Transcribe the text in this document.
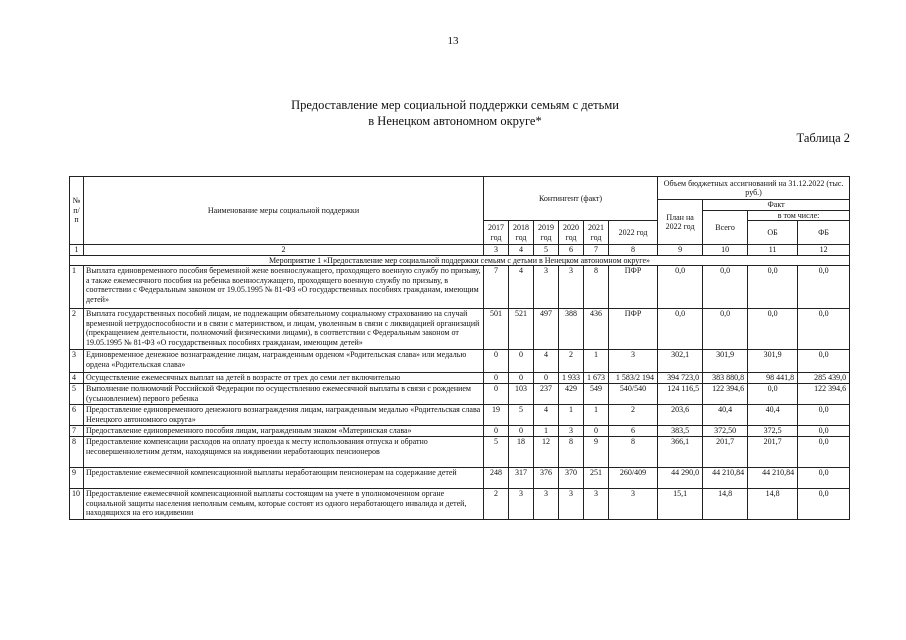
13
Предоставление мер социальной поддержки семьям с детьми
в Ненецком автономном округе*
Таблица 2
№ п/п	Наименование меры социальной поддержки	Контингент (факт)						Объем бюджетных ассигнований на 31.12.2022 (тыс. руб.)			
								План на 2022 год	Факт		
									Всего	в том числе:	
		2017 год	2018 год	2019 год	2020 год	2021 год	2022 год			ОБ	ФБ
1	2	3	4	5	6	7	8	9	10	11	12
Мероприятие 1 «Предоставление мер социальной поддержки семьям с детьми в Ненецком автономном округе»											
1	Выплата единовременного пособия беременной жене военнослужащего, проходящего военную службу по призыву, а также ежемесячного пособия на ребенка военнослужащего, проходящего военную службу по призыву, в соответствии с Федеральным законом от 19.05.1995 № 81-ФЗ «О государственных пособиях гражданам, имеющим детей»	7	4	3	3	8	ПФР	0,0	0,0	0,0	0,0
2	Выплата государственных пособий лицам, не подлежащим обязательному социальному страхованию на случай временной нетрудоспособности и в связи с материнством, и лицам, уволенным в связи с ликвидацией организаций (прекращением деятельности, полномочий физическими лицами), в соответствии с Федеральным законом от 19.05.1995 № 81-ФЗ «О государственных пособиях гражданам, имеющим детей»	501	521	497	388	436	ПФР	0,0	0,0	0,0	0,0
3	Единовременное денежное вознаграждение лицам, награжденным орденом «Родительская слава» или медалью ордена «Родительская слава»	0	0	4	2	1	3	302,1	301,9	301,9	0,0
4	Осуществление ежемесячных выплат на детей в возрасте от трех до семи лет включительно	0	0	0	1 933	1 673	1 583/2 194	394 723,0	383 880,8	98 441,8	285 439,0
5	Выполнение полномочий Российской Федерации по осуществлению ежемесячной выплаты в связи с рождением (усыновлением) первого ребенка	0	103	237	429	549	540/540	124 116,5	122 394,6	0,0	122 394,6
6	Предоставление единовременного денежного вознаграждения лицам, награжденным медалью «Родительская слава Ненецкого автономного округа»	19	5	4	1	1	2	203,6	40,4	40,4	0,0
7	Предоставление единовременного пособия лицам, награжденным знаком «Материнская слава»	0	0	1	3	0	6	383,5	372,50	372,5	0,0
8	Предоставление компенсации расходов на оплату проезда к месту использования отпуска и обратно несовершеннолетним детям, находящимся на иждивении неработающих пенсионеров	5	18	12	8	9	8	366,1	201,7	201,7	0,0
9	Предоставление ежемесячной компенсационной выплаты неработающим пенсионерам на содержание детей	248	317	376	370	251	260/409	44 290,0	44 210,84	44 210,84	0,0
10	Предоставление ежемесячной компенсационной выплаты состоящим на учете в уполномоченном органе социальной защиты населения неполным семьям, которые состоят из одного неработающего инвалида и детей, находящихся на его иждивении	2	3	3	3	3	3	15,1	14,8	14,8	0,0
